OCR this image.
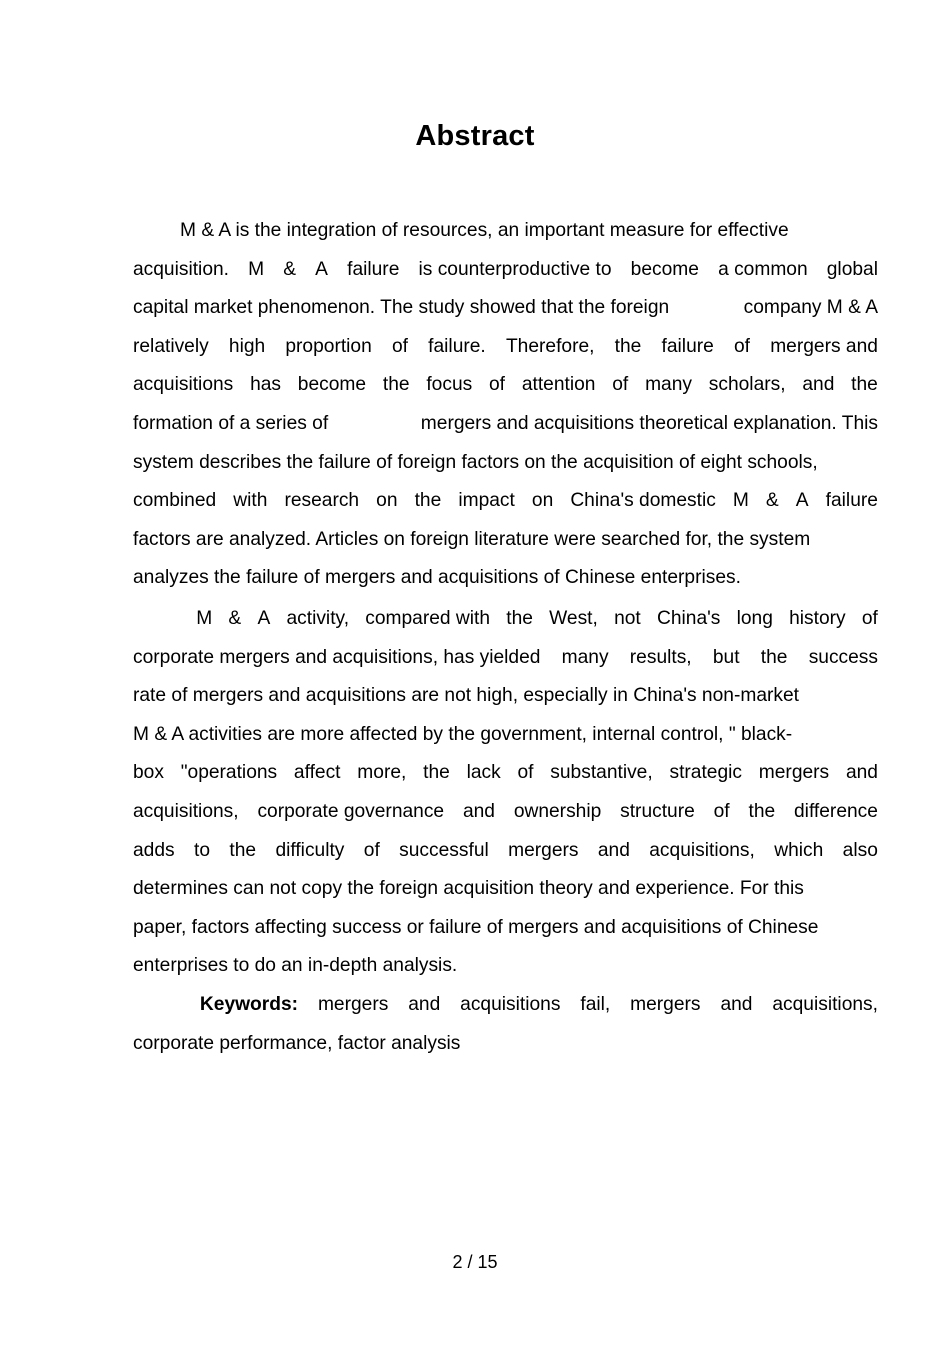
Abstract
M & A is the integration of resources, an important measure for effective
acquisition. M & A failure is counterproductive to become a common global
capital market phenomenon. The study showed that the foreign	company M & A
relatively high proportion of failure. Therefore, the failure of mergers and
acquisitions has become the focus of attention of many scholars, and the
formation of a series of	mergers and acquisitions theoretical explanation. This
system describes the failure of foreign factors on the acquisition of eight schools,
combined with research on the impact on China's domestic M & A failure
factors are analyzed. Articles on foreign literature were searched for, the system
analyzes the failure of mergers and acquisitions of Chinese enterprises.
M & A activity, compared with the West, not China's long history of
corporate mergers and acquisitions, has yielded many results, but the success
rate of mergers and acquisitions are not high, especially in China's non-market
M & A activities are more affected by the government, internal control, " black-
box "operations affect more, the lack of substantive, strategic mergers and
acquisitions, corporate governance and ownership structure of the difference
adds to the difficulty of successful mergers and acquisitions, which also
determines can not copy the foreign acquisition theory and experience. For this
paper, factors affecting success or failure of mergers and acquisitions of Chinese
enterprises to do an in-depth analysis.
Keywords: mergers and acquisitions fail, mergers and acquisitions,
corporate performance, factor analysis
2 / 15
